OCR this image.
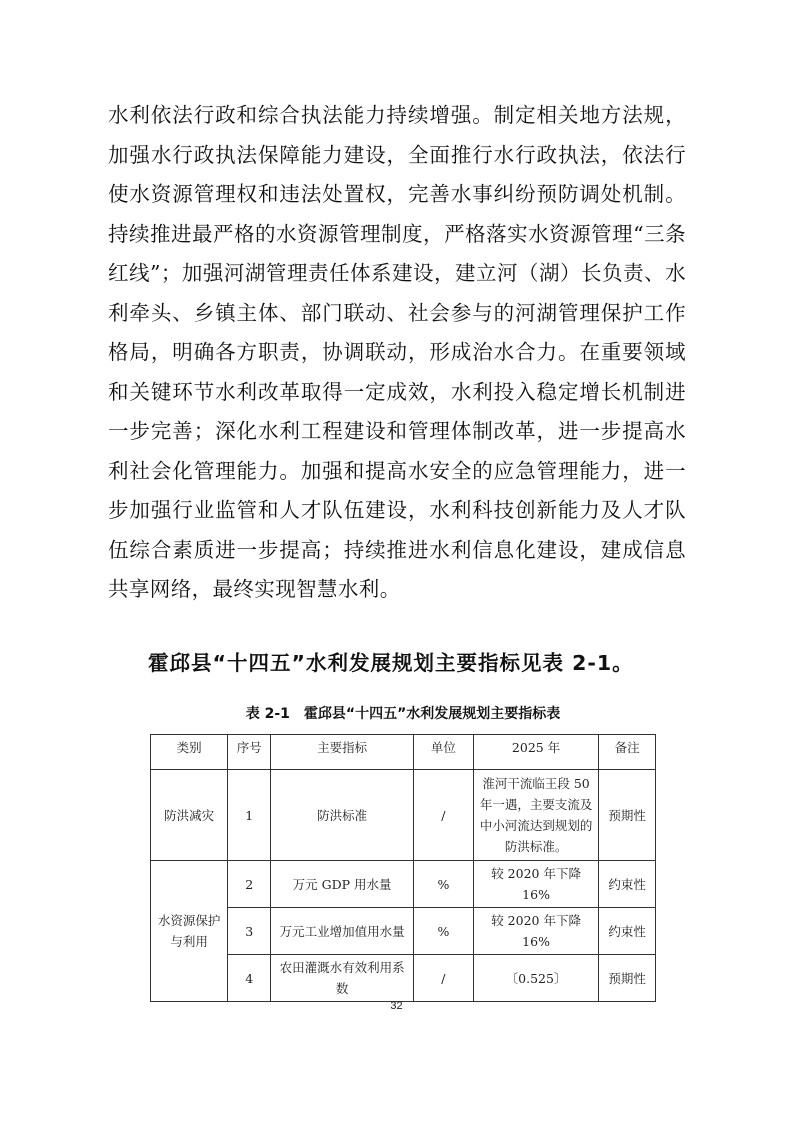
水利依法行政和综合执法能力持续增强。制定相关地方法规，加强水行政执法保障能力建设，全面推行水行政执法，依法行使水资源管理权和违法处置权，完善水事纠纷预防调处机制。持续推进最严格的水资源管理制度，严格落实水资源管理“三条红线”；加强河湖管理责任体系建设，建立河（湖）长负责、水利牵头、乡镇主体、部门联动、社会参与的河湖管理保护工作格局，明确各方职责，协调联动，形成治水合力。在重要领域和关键环节水利改革取得一定成效，水利投入稳定增长机制进一步完善；深化水利工程建设和管理体制改革，进一步提高水利社会化管理能力。加强和提高水安全的应急管理能力，进一步加强行业监管和人才队伍建设，水利科技创新能力及人才队伍综合素质进一步提高；持续推进水利信息化建设，建成信息共享网络，最终实现智慧水利。
霍邱县“十四五”水利发展规划主要指标见表 2-1。
表 2-1　霍邱县“十四五”水利发展规划主要指标表
类别	序号	主要指标	单位	2025 年	备注
防洪减灾	1	防洪标准	/	淮河干流临王段 50 年一遇，主要支流及中小河流达到规划的防洪标准。	预期性
水资源保护与利用	2	万元 GDP 用水量	%	较 2020 年下降 16%	约束性
	3	万元工业增加值用水量	%	较 2020 年下降 16%	约束性
	4	农田灌溉水有效利用系数	/	〔0.525〕	预期性
32
